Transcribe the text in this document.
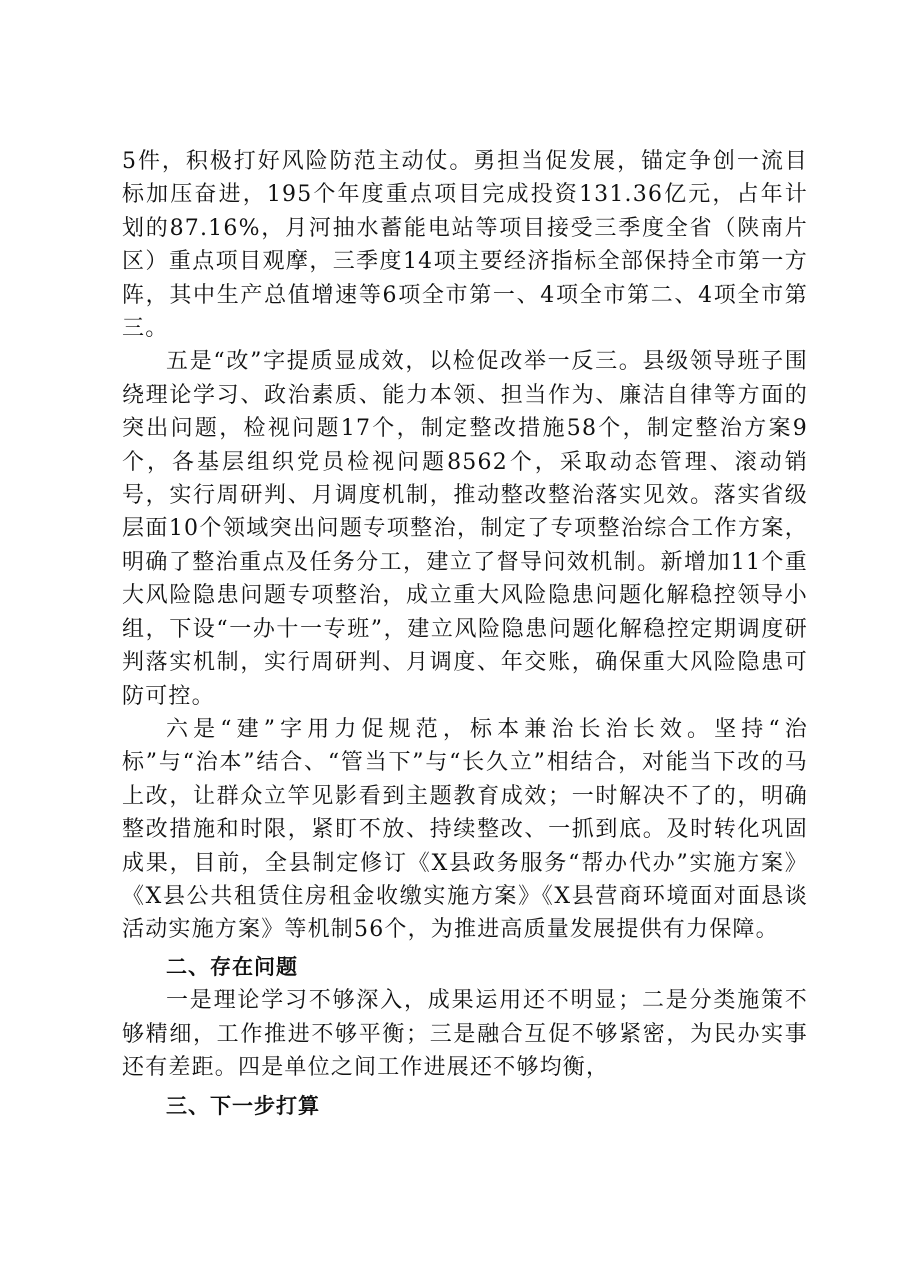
5件，积极打好风险防范主动仗。勇担当促发展，锚定争创一流目标加压奋进，195个年度重点项目完成投资131.36亿元，占年计划的87.16%，月河抽水蓄能电站等项目接受三季度全省（陕南片区）重点项目观摩，三季度14项主要经济指标全部保持全市第一方阵，其中生产总值增速等6项全市第一、4项全市第二、4项全市第三。

五是“改”字提质显成效，以检促改举一反三。县级领导班子围绕理论学习、政治素质、能力本领、担当作为、廉洁自律等方面的突出问题，检视问题17个，制定整改措施58个，制定整治方案9个，各基层组织党员检视问题8562个，采取动态管理、滚动销号，实行周研判、月调度机制，推动整改整治落实见效。落实省级层面10个领域突出问题专项整治，制定了专项整治综合工作方案，明确了整治重点及任务分工，建立了督导问效机制。新增加11个重大风险隐患问题专项整治，成立重大风险隐患问题化解稳控领导小组，下设“一办十一专班”，建立风险隐患问题化解稳控定期调度研判落实机制，实行周研判、月调度、年交账，确保重大风险隐患可防可控。

六是“建”字用力促规范，标本兼治长治长效。坚持“治标”与“治本”结合、“管当下”与“长久立”相结合，对能当下改的马上改，让群众立竿见影看到主题教育成效；一时解决不了的，明确整改措施和时限，紧盯不放、持续整改、一抓到底。及时转化巩固成果，目前，全县制定修订《X县政务服务“帮办代办”实施方案》《X县公共租赁住房租金收缴实施方案》《X县营商环境面对面恳谈活动实施方案》等机制56个，为推进高质量发展提供有力保障。

二、存在问题

一是理论学习不够深入，成果运用还不明显；二是分类施策不够精细，工作推进不够平衡；三是融合互促不够紧密，为民办实事还有差距。四是单位之间工作进展还不够均衡，

三、下一步打算
